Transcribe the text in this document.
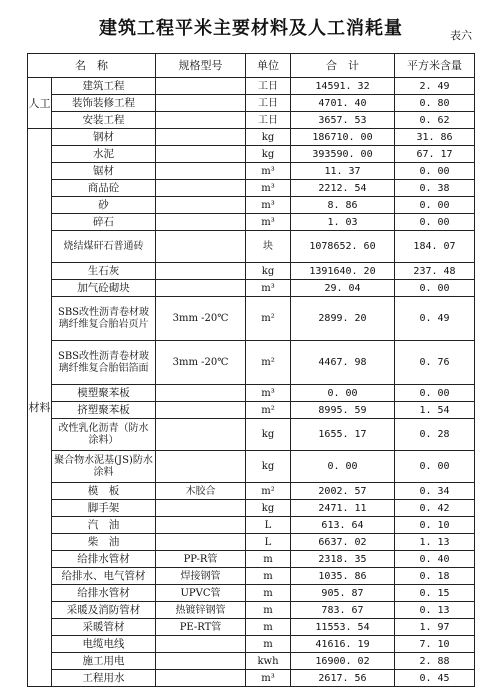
建筑工程平米主要材料及人工消耗量	表六
名　称		规格型号	单位	合　计	平方米含量
人工	建筑工程		工日	14591. 32	2. 49
	装饰装修工程		工日	4701. 40	0. 80
	安装工程		工日	3657. 53	0. 62
材料	钢材		kg	186710. 00	31. 86
	水泥		kg	393590. 00	67. 17
	锯材		m³	11. 37	0. 00
	商品砼		m³	2212. 54	0. 38
	砂		m³	8. 86	0. 00
	碎石		m³	1. 03	0. 00
	烧结煤矸石普通砖		块	1078652. 60	184. 07
	生石灰		kg	1391640. 20	237. 48
	加气砼砌块		m³	29. 04	0. 00
	SBS改性沥青卷材玻璃纤维复合胎岩页片	3mm -20℃	m²	2899. 20	0. 49
	SBS改性沥青卷材玻璃纤维复合胎铝箔面	3mm -20℃	m²	4467. 98	0. 76
	模塑聚苯板		m³	0. 00	0. 00
	挤塑聚苯板		m²	8995. 59	1. 54
	改性乳化沥青（防水涂料）		kg	1655. 17	0. 28
	聚合物水泥基(JS)防水涂料		kg	0. 00	0. 00
	模　板	木胶合	m²	2002. 57	0. 34
	脚手架		kg	2471. 11	0. 42
	汽　油		L	613. 64	0. 10
	柴　油		L	6637. 02	1. 13
	给排水管材	PP-R管	m	2318. 35	0. 40
	给排水、电气管材	焊接钢管	m	1035. 86	0. 18
	给排水管材	UPVC管	m	905. 87	0. 15
	采暖及消防管材	热镀锌钢管	m	783. 67	0. 13
	采暖管材	PE-RT管	m	11553. 54	1. 97
	电缆电线		m	41616. 19	7. 10
	施工用电		kwh	16900. 02	2. 88
	工程用水		m³	2617. 56	0. 45
